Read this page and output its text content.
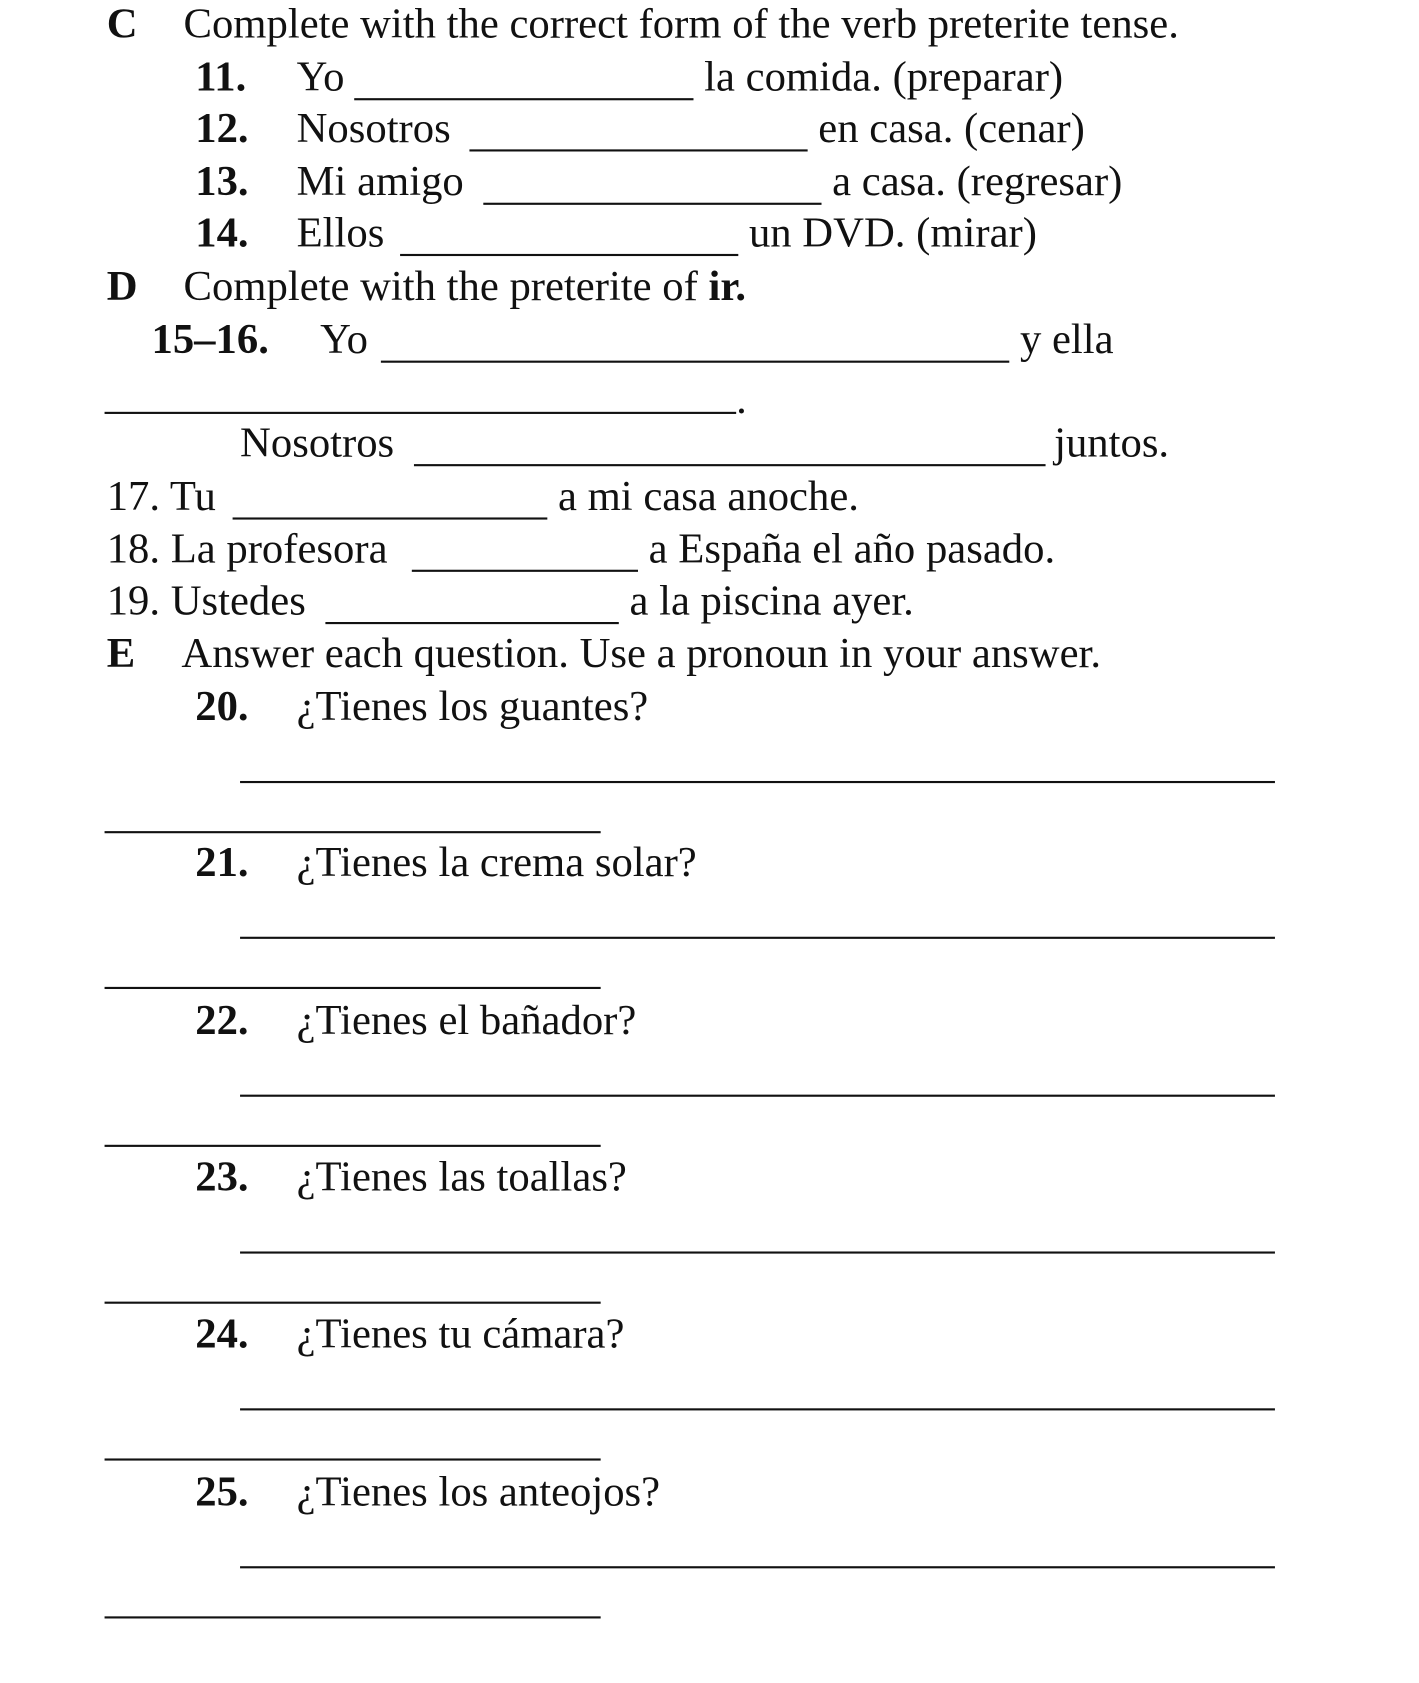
C Complete with the correct form of the verb preterite tense.
11. Yo	la comida. (preparar)
12. Nosotros	en casa. (cenar)
13. Mi amigo	a casa. (regresar)
14. Ellos	un DVD. (mirar)
D Complete with the preterite of ir.
15–16. Yo	y ella
.
Nosotros	juntos.
17. Tu	a mi casa anoche.
18. La profesora	a España el año pasado.
19. Ustedes	a la piscina ayer.
E Answer each question. Use a pronoun in your answer.
20. ¿Tienes los guantes?
21. ¿Tienes la crema solar?
22. ¿Tienes el bañador?
23. ¿Tienes las toallas?
24. ¿Tienes tu cámara?
25. ¿Tienes los anteojos?
